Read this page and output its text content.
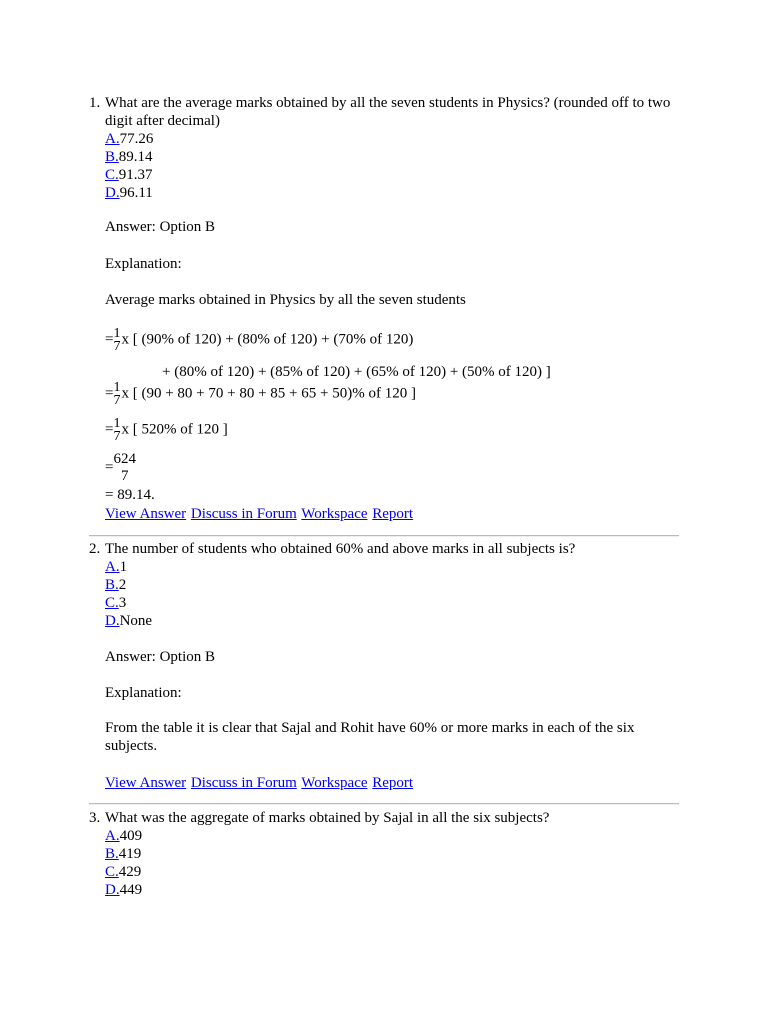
1. What are the average marks obtained by all the seven students in Physics? (rounded off to two digit after decimal)
A.77.26
B.89.14
C.91.37
D.96.11
Answer: Option B
Explanation:
Average marks obtained in Physics by all the seven students
= 1
7 x [ (90% of 120) + (80% of 120) + (70% of 120)
+ (80% of 120) + (85% of 120) + (65% of 120) + (50% of 120) ]
= 1
7 x [ (90 + 80 + 70 + 80 + 85 + 65 + 50)% of 120 ]
= 1
7 x [ 520% of 120 ]
=
624
7
= 89.14.
View Answer Discuss in Forum Workspace Report
2. The number of students who obtained 60% and above marks in all subjects is?
A.1
B.2
C.3
D.None
Answer: Option B
Explanation:
From the table it is clear that Sajal and Rohit have 60% or more marks in each of the six subjects.
View Answer Discuss in Forum Workspace Report
3. What was the aggregate of marks obtained by Sajal in all the six subjects?
A.409
B.419
C.429
D.449
